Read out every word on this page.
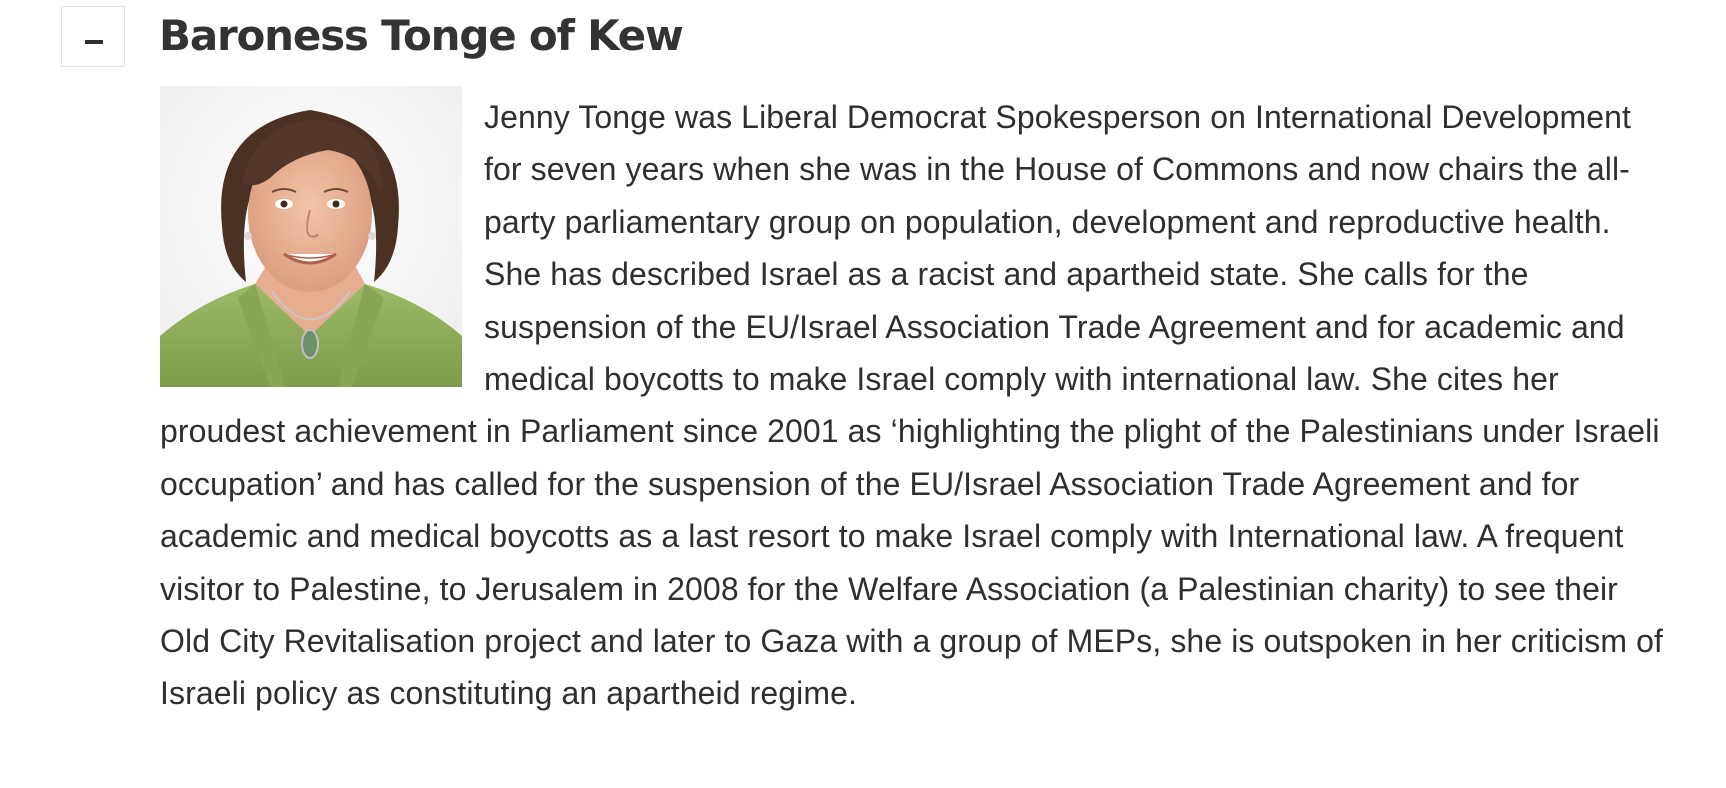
Baroness Tonge of Kew

Jenny Tonge was Liberal Democrat Spokesperson on International Development for seven years when she was in the House of Commons and now chairs the all-party parliamentary group on population, development and reproductive health. She has described Israel as a racist and apartheid state. She calls for the suspension of the EU/Israel Association Trade Agreement and for academic and medical boycotts to make Israel comply with international law. She cites her proudest achievement in Parliament since 2001 as ‘highlighting the plight of the Palestinians under Israeli occupation’ and has called for the suspension of the EU/Israel Association Trade Agreement and for academic and medical boycotts as a last resort to make Israel comply with International law. A frequent visitor to Palestine, to Jerusalem in 2008 for the Welfare Association (a Palestinian charity) to see their Old City Revitalisation project and later to Gaza with a group of MEPs, she is outspoken in her criticism of Israeli policy as constituting an apartheid regime.
